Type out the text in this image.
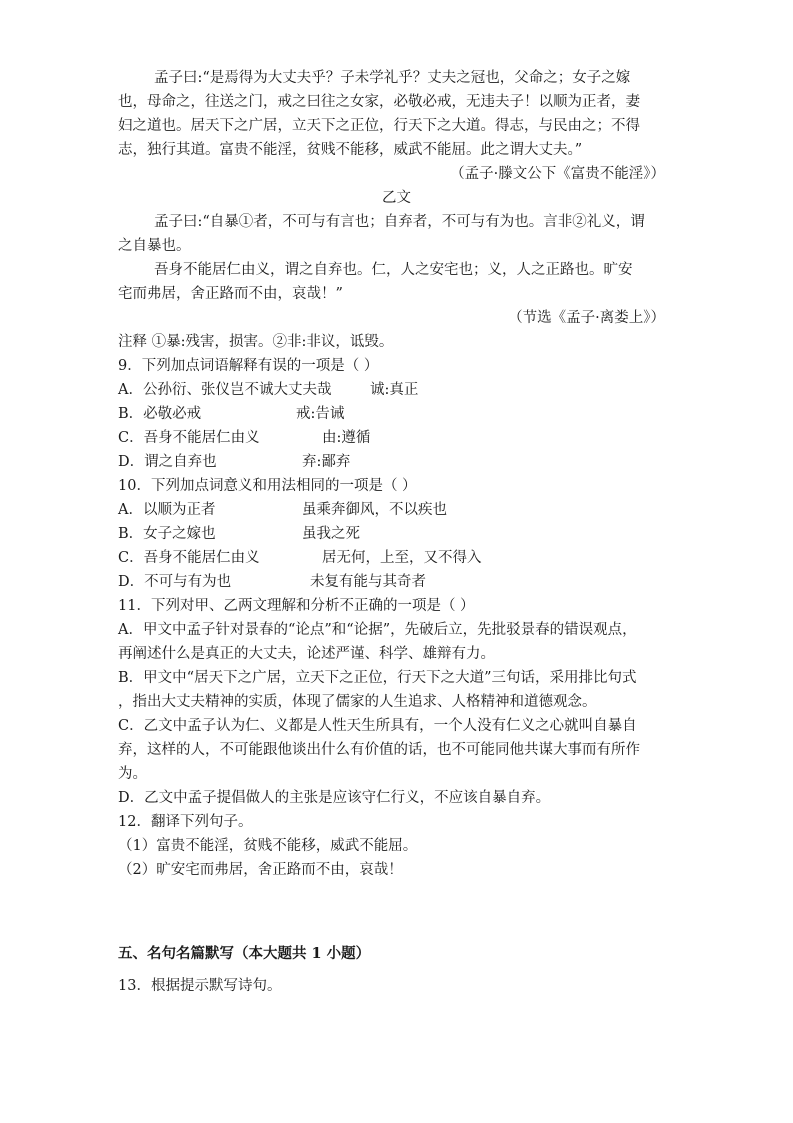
孟子曰:“是焉得为大丈夫乎？子未学礼乎？丈夫之冠也，父命之；女子之嫁
也，母命之，往送之门，戒之曰往之女家，必敬必戒，无违夫子！以顺为正者，妻
妇之道也。居天下之广居，立天下之正位，行天下之大道。得志，与民由之；不得
志，独行其道。富贵不能淫，贫贱不能移，威武不能屈。此之谓大丈夫。”
（孟子·滕文公下《富贵不能淫》）
乙文
孟子曰:“自暴①者，不可与有言也；自弃者，不可与有为也。言非②礼义，谓
之自暴也。
吾身不能居仁由义，谓之自弃也。仁，人之安宅也；义，人之正路也。旷安
宅而弗居，舍正路而不由，哀哉！”
（节选《孟子·离娄上》）
注释 ①暴:残害，损害。②非:非议，诋毁。
9．下列加点词语解释有误的一项是（ ）
A．公孙衍、张仪岂不诚大丈夫哉	诚:真正
B．必敬必戒	戒:告诫
C．吾身不能居仁由义	由:遵循
D．谓之自弃也	弃:鄙弃
10．下列加点词意义和用法相同的一项是（ ）
A．以顺为正者	虽乘奔御风，不以疾也
B．女子之嫁也	虽我之死
C．吾身不能居仁由义	居无何，上至，又不得入
D．不可与有为也	未复有能与其奇者
11．下列对甲、乙两文理解和分析不正确的一项是（ ）
A．甲文中孟子针对景春的“论点”和“论据”，先破后立，先批驳景春的错误观点，
再阐述什么是真正的大丈夫，论述严谨、科学、雄辩有力。
B．甲文中“居天下之广居，立天下之正位，行天下之大道”三句话，采用排比句式
，指出大丈夫精神的实质，体现了儒家的人生追求、人格精神和道德观念。
C．乙文中孟子认为仁、义都是人性天生所具有，一个人没有仁义之心就叫自暴自
弃，这样的人，不可能跟他谈出什么有价值的话，也不可能同他共谋大事而有所作
为。
D．乙文中孟子提倡做人的主张是应该守仁行义，不应该自暴自弃。
12．翻译下列句子。
（1）富贵不能淫，贫贱不能移，威武不能屈。
（2）旷安宅而弗居，舍正路而不由，哀哉！
五、名句名篇默写（本大题共 1 小题）
13．根据提示默写诗句。
